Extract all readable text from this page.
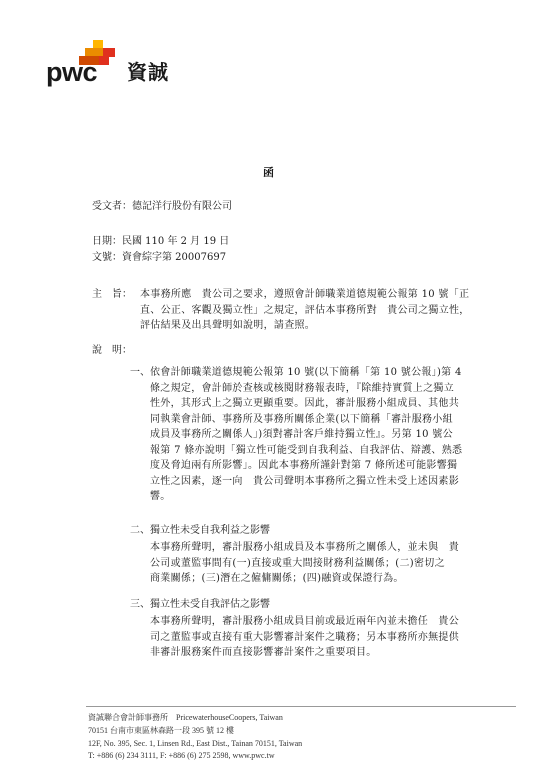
pwc 資誠
函
受文者：德記洋行股份有限公司
日期：民國 110 年 2 月 19 日
文號：資會綜字第 20007697
主　旨： 本事務所應　貴公司之要求，遵照會計師職業道德規範公報第 10 號「正
直、公正、客觀及獨立性」之規定，評估本事務所對　貴公司之獨立性，
評估結果及出具聲明如說明，請查照。
說　明：
一、 依會計師職業道德規範公報第 10 號(以下簡稱「第 10 號公報」)第 4
條之規定，會計師於查核或核閱財務報表時，『除維持實質上之獨立
性外，其形式上之獨立更顯重要。因此，審計服務小組成員、其他共
同執業會計師、事務所及事務所關係企業(以下簡稱「審計服務小組
成員及事務所之關係人」)須對審計客戶維持獨立性』。另第 10 號公
報第 7 條亦說明「獨立性可能受到自我利益、自我評估、辯護、熟悉
度及脅迫兩有所影響」。因此本事務所謹針對第 7 條所述可能影響獨
立性之因素，逐一向　貴公司聲明本事務所之獨立性未受上述因素影
響。
二、獨立性未受自我利益之影響
本事務所聲明，審計服務小組成員及本事務所之關係人，並未與　貴
公司或董監事間有(一)直接或重大間接財務利益關係；(二)密切之
商業關係；(三)潛在之僱傭關係；(四)融資或保證行為。
三、獨立性未受自我評估之影響
本事務所聲明，審計服務小組成員目前或最近兩年內並未擔任　貴公
司之董監事或直接有重大影響審計案件之職務；另本事務所亦無提供
非審計服務案件而直接影響審計案件之重要項目。
資誠聯合會計師事務所　PricewaterhouseCoopers, Taiwan
70151 台南市東區林森路一段 395 號 12 樓
12F, No. 395, Sec. 1, Linsen Rd., East Dist., Tainan 70151, Taiwan
T: +886 (6) 234 3111, F: +886 (6) 275 2598, www.pwc.tw
